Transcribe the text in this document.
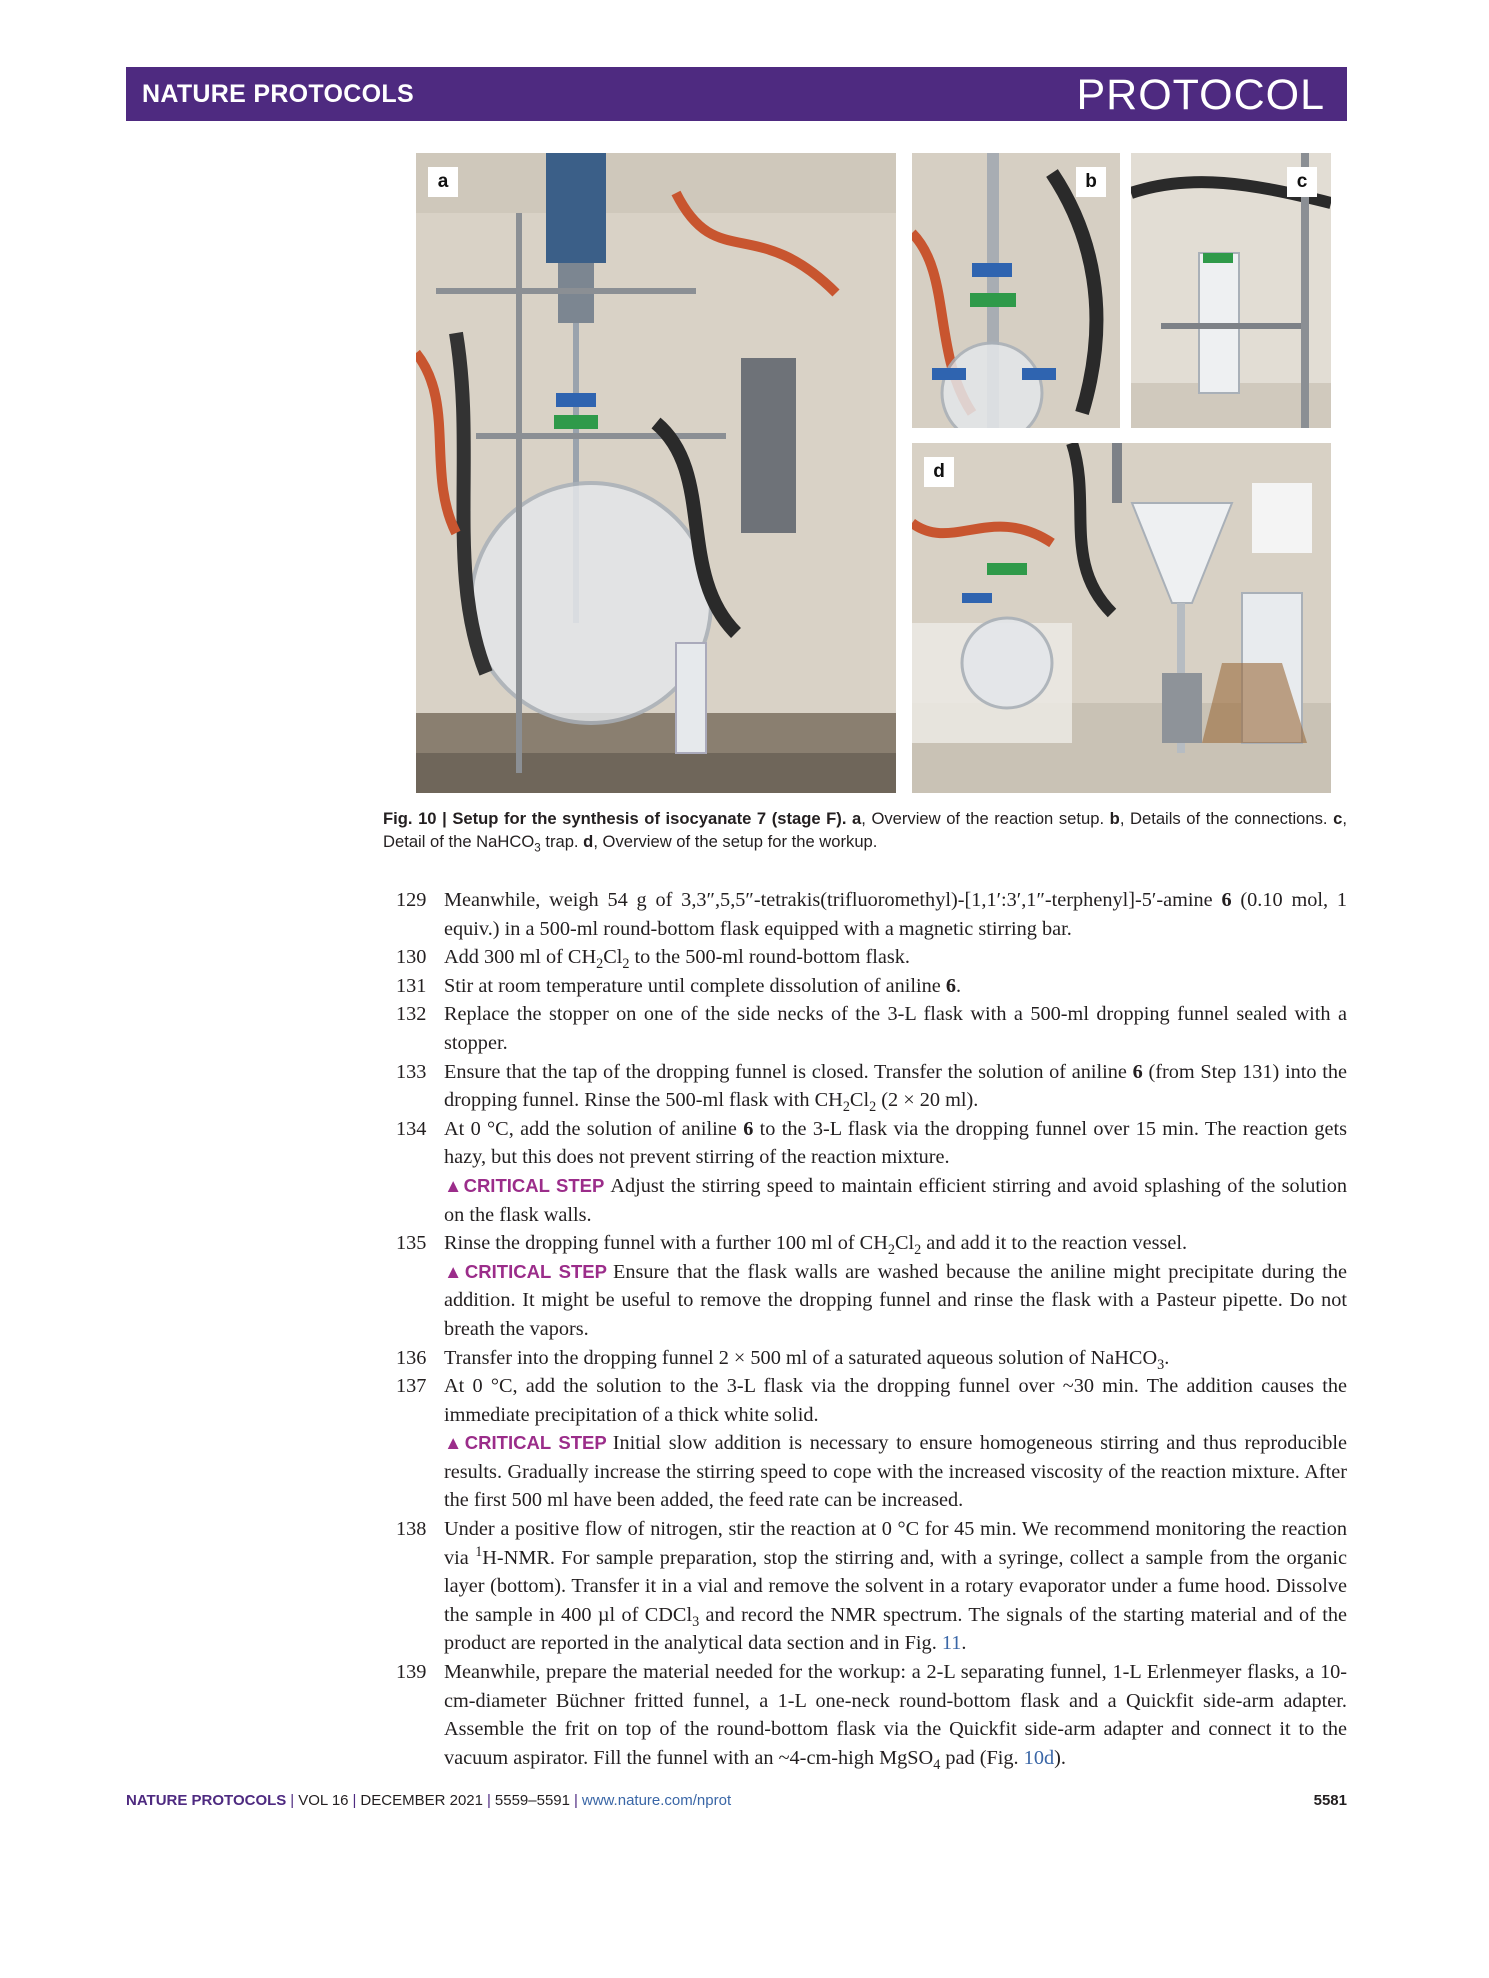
NATURE PROTOCOLS	PROTOCOL
a	b	c
d
Fig. 10 | Setup for the synthesis of isocyanate 7 (stage F). a, Overview of the reaction setup. b, Details of the connections. c, Detail of the NaHCO$_3$ trap. d, Overview of the setup for the workup.
129 Meanwhile, weigh 54 g of 3,3″,5,5″-tetrakis(trifluoromethyl)-[1,1′:3′,1″-terphenyl]-5′-amine 6 (0.10 mol, 1 equiv.) in a 500-ml round-bottom flask equipped with a magnetic stirring bar.
130 Add 300 ml of $CH_2Cl_2$ to the 500-ml round-bottom flask.
131 Stir at room temperature until complete dissolution of aniline 6.
132 Replace the stopper on one of the side necks of the 3-L flask with a 500-ml dropping funnel sealed with a stopper.
133 Ensure that the tap of the dropping funnel is closed. Transfer the solution of aniline 6 (from Step 131) into the dropping funnel. Rinse the 500-ml flask with $CH_2Cl_2$ (2 × 20 ml).
134 At 0 °C, add the solution of aniline 6 to the 3-L flask via the dropping funnel over 15 min. The reaction gets hazy, but this does not prevent stirring of the reaction mixture.
▲CRITICAL STEP Adjust the stirring speed to maintain efficient stirring and avoid splashing of the solution on the flask walls.
135 Rinse the dropping funnel with a further 100 ml of $CH_2Cl_2$ and add it to the reaction vessel.
▲CRITICAL STEP Ensure that the flask walls are washed because the aniline might precipitate during the addition. It might be useful to remove the dropping funnel and rinse the flask with a Pasteur pipette. Do not breath the vapors.
136 Transfer into the dropping funnel 2 × 500 ml of a saturated aqueous solution of NaHCO$_3$.
137 At 0 °C, add the solution to the 3-L flask via the dropping funnel over ~30 min. The addition causes the immediate precipitation of a thick white solid.
▲CRITICAL STEP Initial slow addition is necessary to ensure homogeneous stirring and thus reproducible results. Gradually increase the stirring speed to cope with the increased viscosity of the reaction mixture. After the first 500 ml have been added, the feed rate can be increased.
138 Under a positive flow of nitrogen, stir the reaction at 0 °C for 45 min. We recommend monitoring the reaction via $^1$H-NMR. For sample preparation, stop the stirring and, with a syringe, collect a sample from the organic layer (bottom). Transfer it in a vial and remove the solvent in a rotary evaporator under a fume hood. Dissolve the sample in 400 µl of CDCl$_3$ and record the NMR spectrum. The signals of the starting material and of the product are reported in the analytical data section and in Fig. 11.
139 Meanwhile, prepare the material needed for the workup: a 2-L separating funnel, 1-L Erlenmeyer flasks, a 10-cm-diameter Büchner fritted funnel, a 1-L one-neck round-bottom flask and a Quickfit side-arm adapter. Assemble the frit on top of the round-bottom flask via the Quickfit side-arm adapter and connect it to the vacuum aspirator. Fill the funnel with an ~4-cm-high MgSO$_4$ pad (Fig. 10d).
NATURE PROTOCOLS | VOL 16 | DECEMBER 2021 | 5559–5591 | www.nature.com/nprot	5581
